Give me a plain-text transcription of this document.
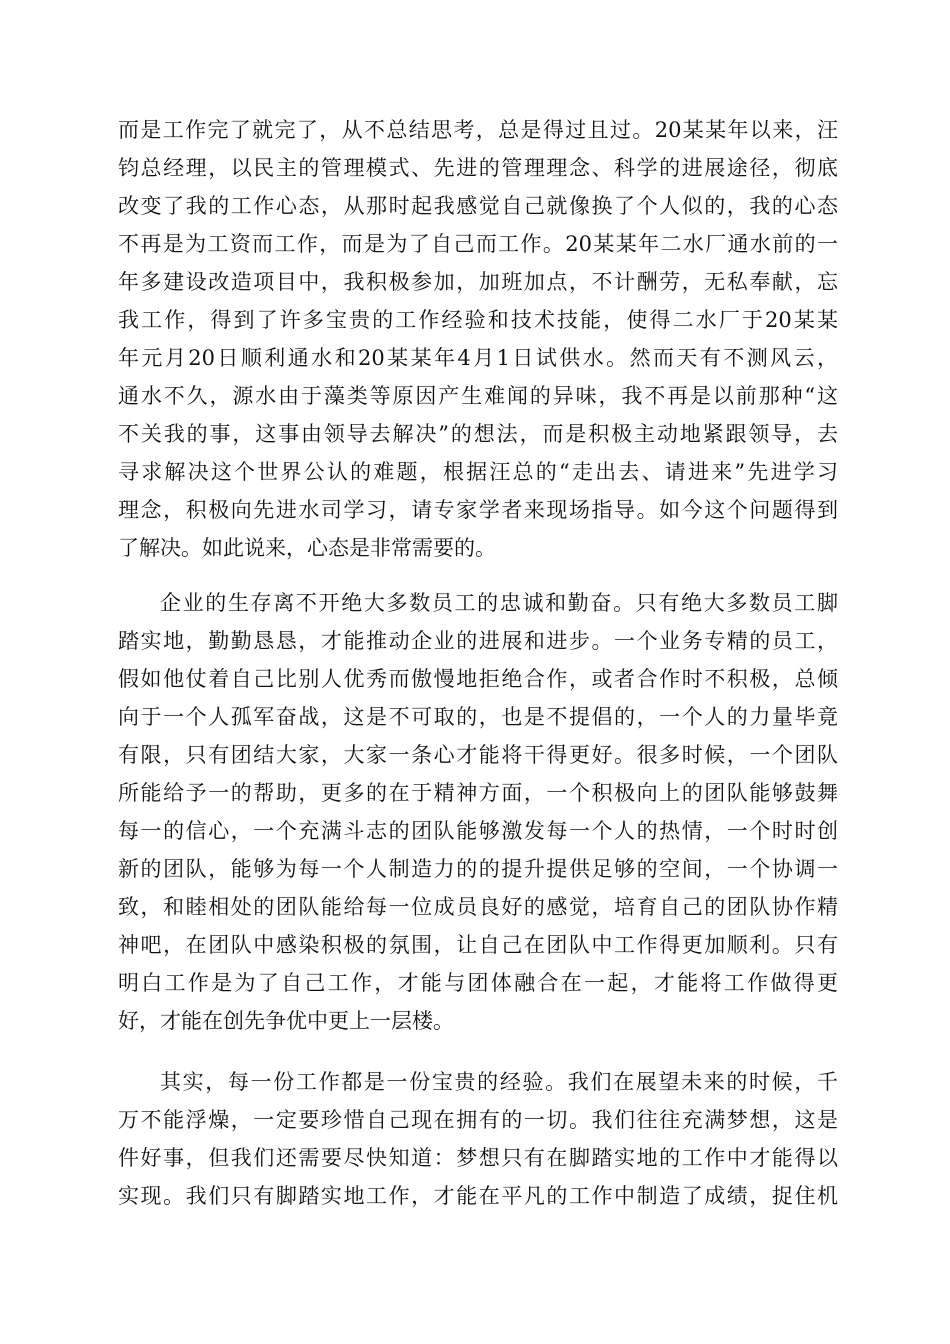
而是工作完了就完了，从不总结思考，总是得过且过。20某某年以来，汪
钧总经理，以民主的管理模式、先进的管理理念、科学的进展途径，彻底
改变了我的工作心态，从那时起我感觉自己就像换了个人似的，我的心态
不再是为工资而工作，而是为了自己而工作。20某某年二水厂通水前的一
年多建设改造项目中，我积极参加，加班加点，不计酬劳，无私奉献，忘
我工作，得到了许多宝贵的工作经验和技术技能，使得二水厂于20某某
年元月20日顺利通水和20某某年4月1日试供水。然而天有不测风云，
通水不久，源水由于藻类等原因产生难闻的异味，我不再是以前那种“这
不关我的事，这事由领导去解决”的想法，而是积极主动地紧跟领导，去
寻求解决这个世界公认的难题，根据汪总的“走出去、请进来”先进学习
理念，积极向先进水司学习，请专家学者来现场指导。如今这个问题得到
了解决。如此说来，心态是非常需要的。
企业的生存离不开绝大多数员工的忠诚和勤奋。只有绝大多数员工脚
踏实地，勤勤恳恳，才能推动企业的进展和进步。一个业务专精的员工，
假如他仗着自己比别人优秀而傲慢地拒绝合作，或者合作时不积极，总倾
向于一个人孤军奋战，这是不可取的，也是不提倡的，一个人的力量毕竟
有限，只有团结大家，大家一条心才能将干得更好。很多时候，一个团队
所能给予一的帮助，更多的在于精神方面，一个积极向上的团队能够鼓舞
每一的信心，一个充满斗志的团队能够激发每一个人的热情，一个时时创
新的团队，能够为每一个人制造力的的提升提供足够的空间，一个协调一
致，和睦相处的团队能给每一位成员良好的感觉，培育自己的团队协作精
神吧，在团队中感染积极的氛围，让自己在团队中工作得更加顺利。只有
明白工作是为了自己工作，才能与团体融合在一起，才能将工作做得更
好，才能在创先争优中更上一层楼。
其实，每一份工作都是一份宝贵的经验。我们在展望未来的时候，千
万不能浮燥，一定要珍惜自己现在拥有的一切。我们往往充满梦想，这是
件好事，但我们还需要尽快知道：梦想只有在脚踏实地的工作中才能得以
实现。我们只有脚踏实地工作，才能在平凡的工作中制造了成绩，捉住机
